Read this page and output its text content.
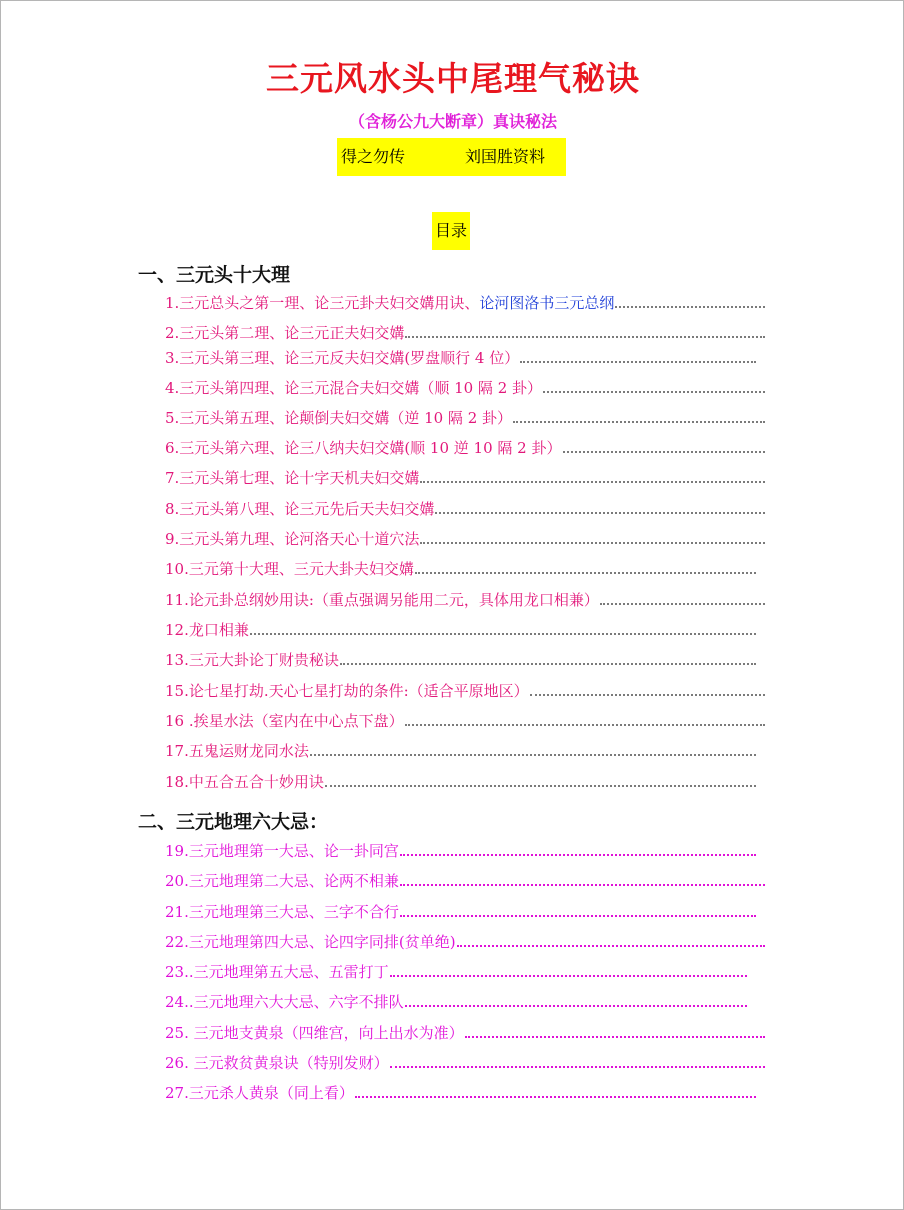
三元风水头中尾理气秘诀
（含杨公九大断章）真诀秘法
得之勿传	刘国胜资料
目录
一、三元头十大理
1.三元总头之第一理、论三元卦夫妇交媾用诀、 论河图洛书三元总纲
2.三元头第二理、论三元正夫妇交媾
3.三元头第三理、论三元反夫妇交媾(罗盘顺行 4 位）
4.三元头第四理、论三元混合夫妇交媾（顺 10 隔 2 卦）
5.三元头第五理、论颠倒夫妇交媾（逆 10 隔 2 卦）
6.三元头第六理、论三八纳夫妇交媾(顺 10 逆 10 隔 2 卦）
7.三元头第七理、论十字天机夫妇交媾
8.三元头第八理、论三元先后天夫妇交媾
9.三元头第九理、论河洛天心十道穴法
10.三元第十大理、三元大卦夫妇交媾
11.论元卦总纲妙用诀:（重点强调另能用二元，具体用龙口相兼）
12.龙口相兼
13.三元大卦论丁财贵秘诀
15.论七星打劫.天心七星打劫的条件:（适合平原地区）
16 .挨星水法（室内在中心点下盘）
17.五鬼运财龙同水法
18.中五合五合十妙用诀
二、三元地理六大忌：
19.三元地理第一大忌、论一卦同宫
20.三元地理第二大忌、论两不相兼
21.三元地理第三大忌、三字不合行
22.三元地理第四大忌、论四字同排(贫单绝)
23..三元地理第五大忌、五雷打丁
24..三元地理六大大忌、六字不排队
25. 三元地支黄泉（四维宫，向上出水为准）
26. 三元救贫黄泉诀（特别发财）
27.三元杀人黄泉（同上看）
